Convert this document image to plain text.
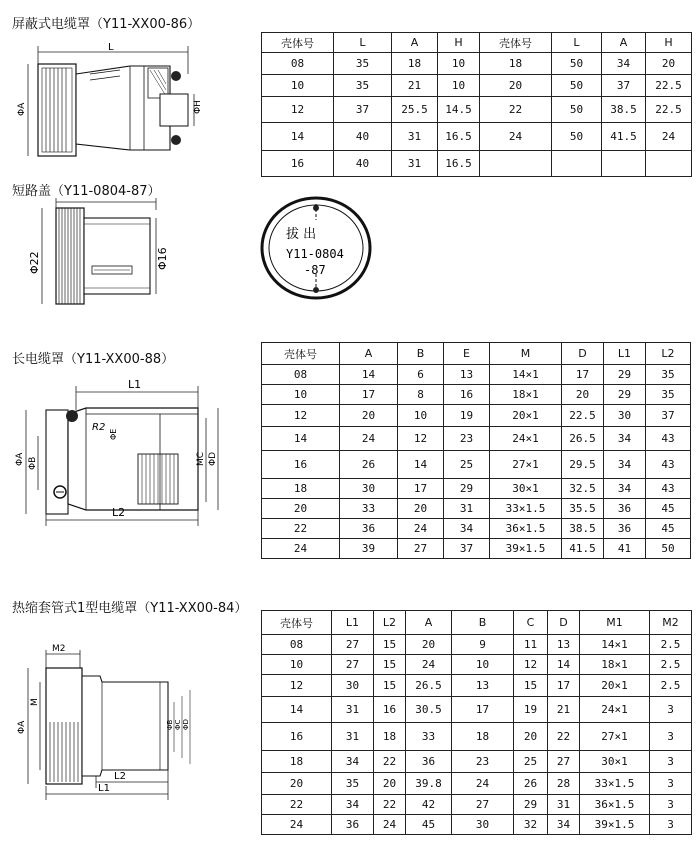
屏蔽式电缆罩（Y11-XX00-86）
L
ΦA	ΦH
壳体号	L	A	H	壳体号	L	A	H
08	35	18	10	18	50	34	20
10	35	21	10	20	50	37	22.5
12	37	25.5	14.5	22	50	38.5	22.5
14	40	31	16.5	24	50	41.5	24
16	40	31	16.5				
短路盖（Y11-0804-87）
Φ22	Φ16
拔 出
Y11-0804
-87
长电缆罩（Y11-XX00-88）
L1
R2
ΦE
ΦA ΦB	MC ΦD
L2
壳体号	A	B	E	M	D	L1	L2
08	14	6	13	14×1	17	29	35
10	17	8	16	18×1	20	29	35
12	20	10	19	20×1	22.5	30	37
14	24	12	23	24×1	26.5	34	43
16	26	14	25	27×1	29.5	34	43
18	30	17	29	30×1	32.5	34	43
20	33	20	31	33×1.5	35.5	36	45
22	36	24	34	36×1.5	38.5	36	45
24	39	27	37	39×1.5	41.5	41	50
热缩套管式1型电缆罩（Y11-XX00-84）
M2
ΦA
M
ΦB ΦC ΦD
L2
L1
壳体号	L1	L2	A	B	C	D	M1	M2
08	27	15	20	9	11	13	14×1	2.5
10	27	15	24	10	12	14	18×1	2.5
12	30	15	26.5	13	15	17	20×1	2.5
14	31	16	30.5	17	19	21	24×1	3
16	31	18	33	18	20	22	27×1	3
18	34	22	36	23	25	27	30×1	3
20	35	20	39.8	24	26	28	33×1.5	3
22	34	22	42	27	29	31	36×1.5	3
24	36	24	45	30	32	34	39×1.5	3
